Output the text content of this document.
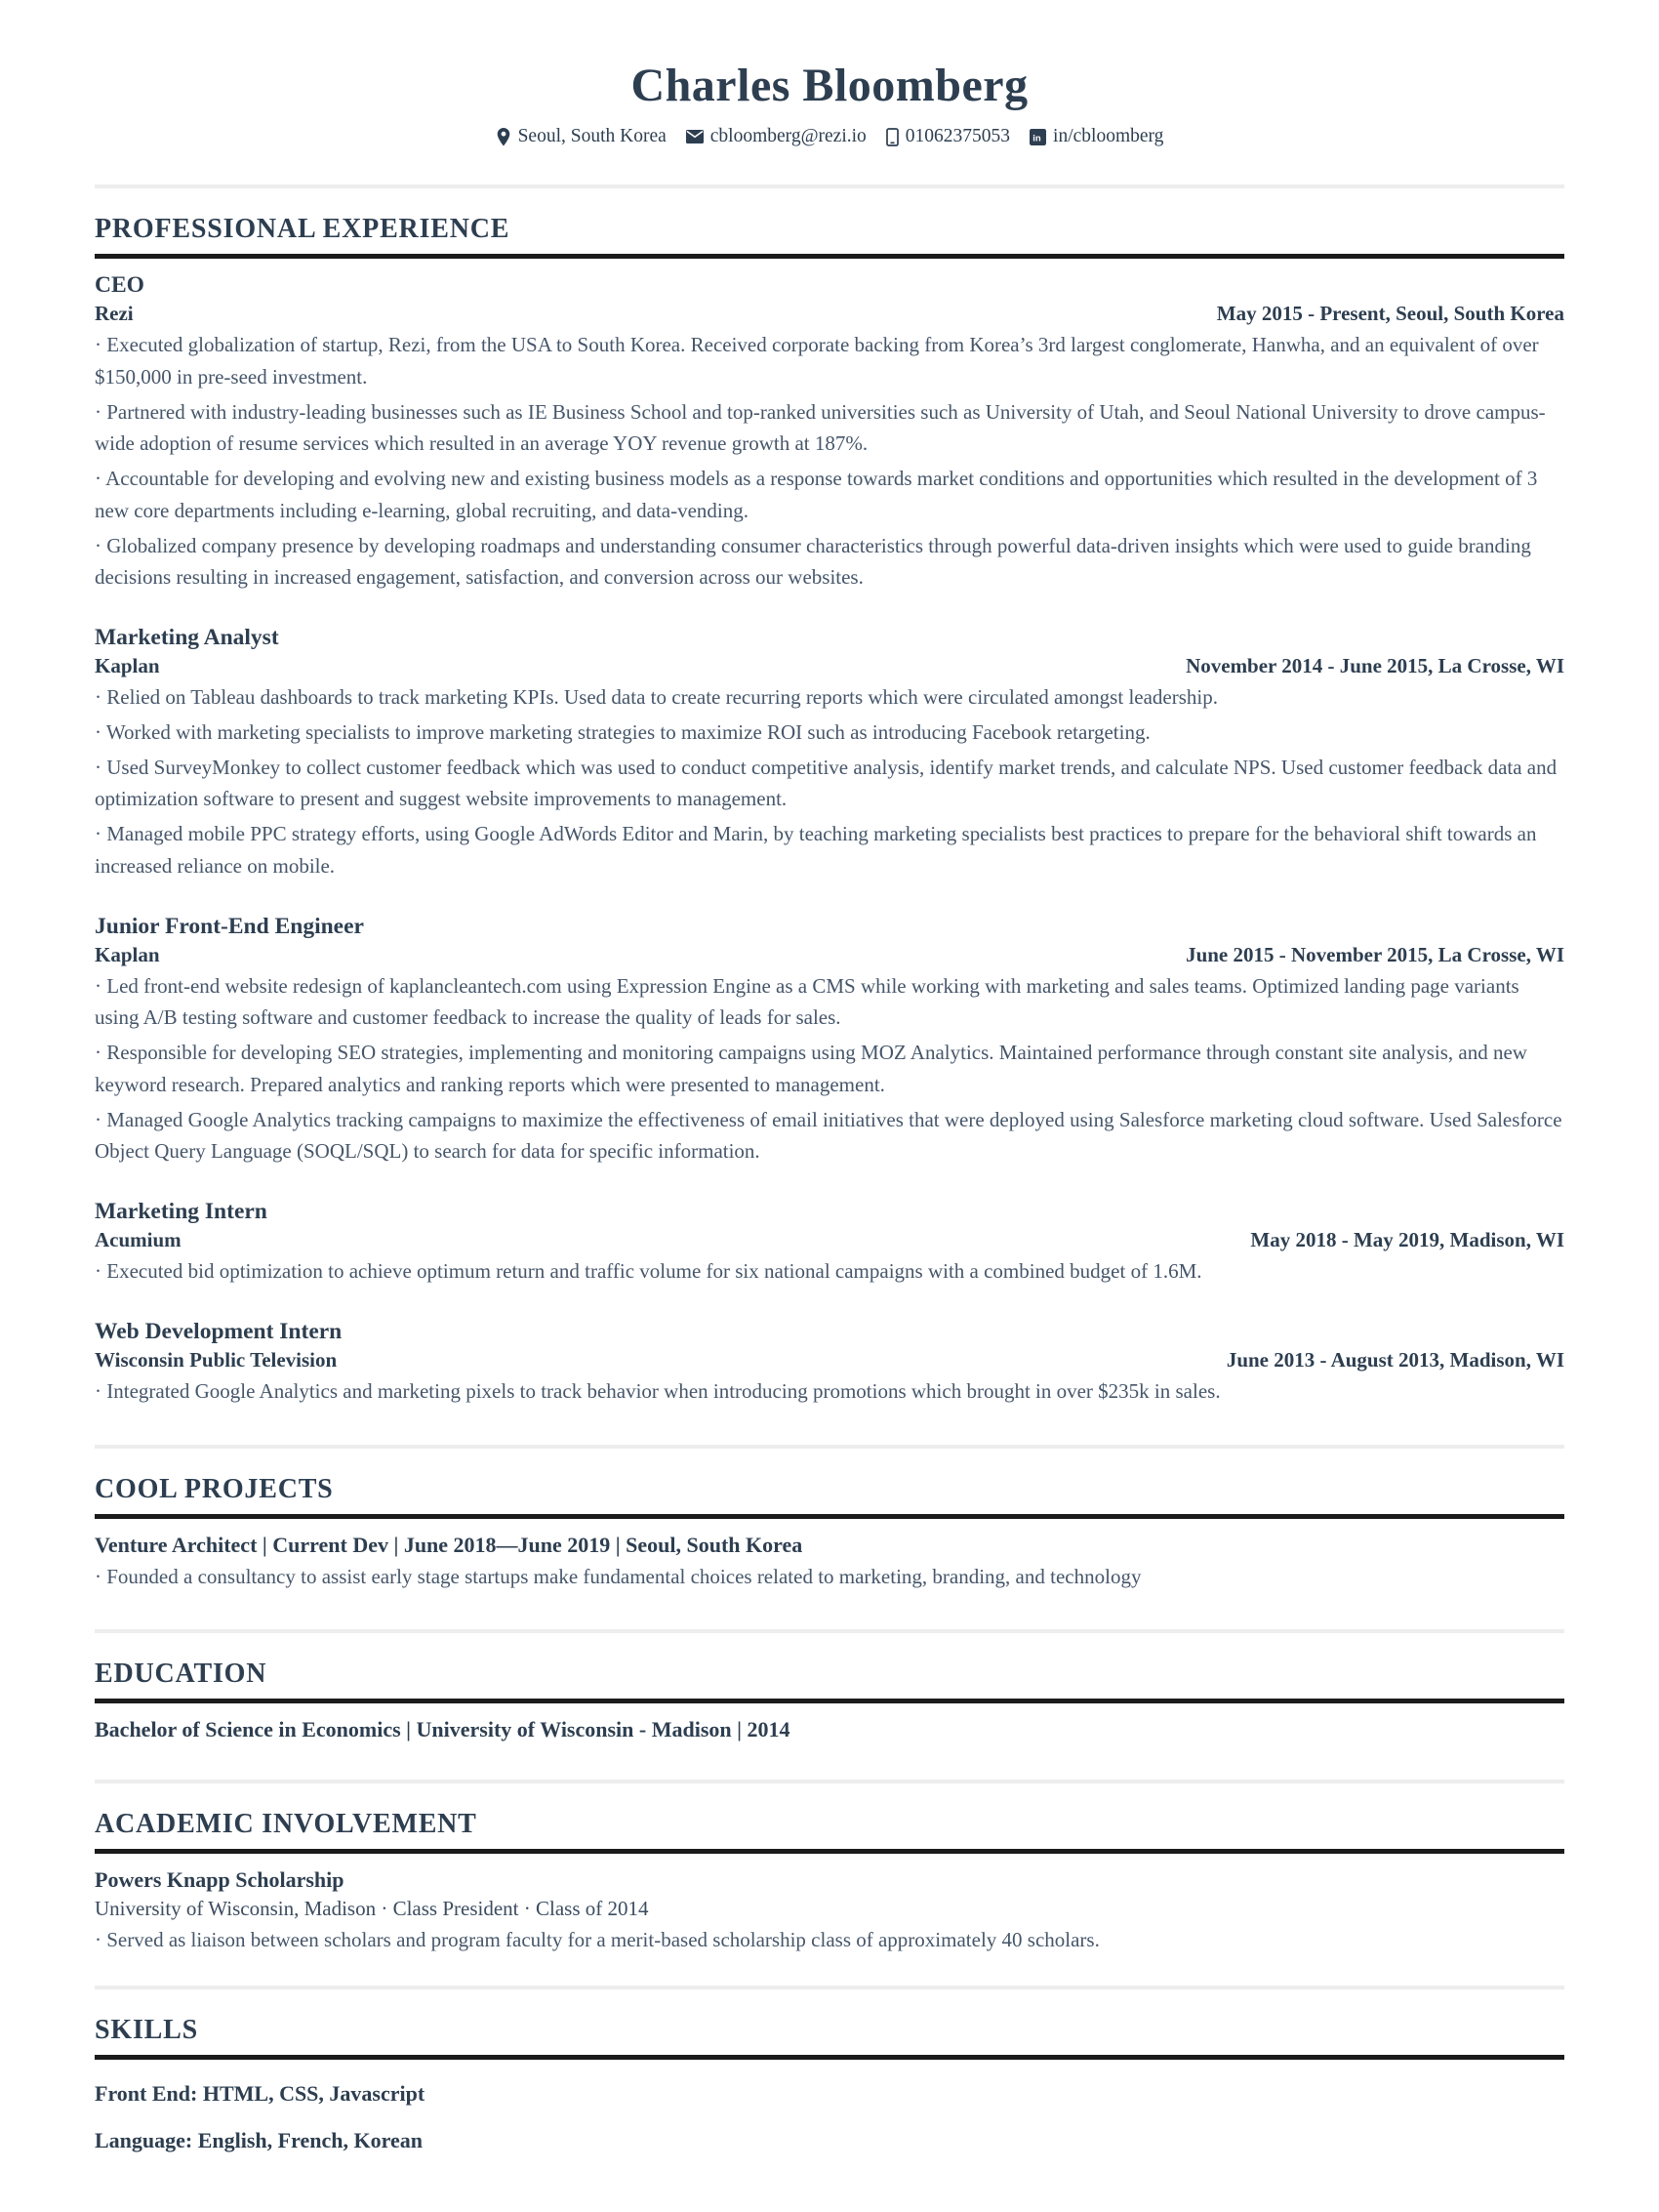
Charles Bloomberg
Seoul, South Korea cbloomberg@rezi.io 01062375053 in in/cbloomberg
PROFESSIONAL EXPERIENCE
CEO
Rezi	May 2015 - Present, Seoul, South Korea

· Executed globalization of startup, Rezi, from the USA to South Korea. Received corporate backing from Korea’s 3rd largest conglomerate, Hanwha, and an equivalent of over $150,000 in pre-seed investment.

· Partnered with industry-leading businesses such as IE Business School and top-ranked universities such as University of Utah, and Seoul National University to drove campus-wide adoption of resume services which resulted in an average YOY revenue growth at 187%.

· Accountable for developing and evolving new and existing business models as a response towards market conditions and opportunities which resulted in the development of 3 new core departments including e-learning, global recruiting, and data-vending.

· Globalized company presence by developing roadmaps and understanding consumer characteristics through powerful data-driven insights which were used to guide branding decisions resulting in increased engagement, satisfaction, and conversion across our websites.

Marketing Analyst
Kaplan	November 2014 - June 2015, La Crosse, WI

· Relied on Tableau dashboards to track marketing KPIs. Used data to create recurring reports which were circulated amongst leadership.

· Worked with marketing specialists to improve marketing strategies to maximize ROI such as introducing Facebook retargeting.

· Used SurveyMonkey to collect customer feedback which was used to conduct competitive analysis, identify market trends, and calculate NPS. Used customer feedback data and optimization software to present and suggest website improvements to management.

· Managed mobile PPC strategy efforts, using Google AdWords Editor and Marin, by teaching marketing specialists best practices to prepare for the behavioral shift towards an increased reliance on mobile.

Junior Front-End Engineer
Kaplan	June 2015 - November 2015, La Crosse, WI

· Led front-end website redesign of kaplancleantech.com using Expression Engine as a CMS while working with marketing and sales teams. Optimized landing page variants using A/B testing software and customer feedback to increase the quality of leads for sales.

· Responsible for developing SEO strategies, implementing and monitoring campaigns using MOZ Analytics. Maintained performance through constant site analysis, and new keyword research. Prepared analytics and ranking reports which were presented to management.

· Managed Google Analytics tracking campaigns to maximize the effectiveness of email initiatives that were deployed using Salesforce marketing cloud software. Used Salesforce Object Query Language (SOQL/SQL) to search for data for specific information.

Marketing Intern
Acumium	May 2018 - May 2019, Madison, WI

· Executed bid optimization to achieve optimum return and traffic volume for six national campaigns with a combined budget of 1.6M.

Web Development Intern
Wisconsin Public Television	June 2013 - August 2013, Madison, WI

· Integrated Google Analytics and marketing pixels to track behavior when introducing promotions which brought in over $235k in sales.

COOL PROJECTS

Venture Architect | Current Dev | June 2018—June 2019 | Seoul, South Korea

· Founded a consultancy to assist early stage startups make fundamental choices related to marketing, branding, and technology

EDUCATION

Bachelor of Science in Economics | University of Wisconsin - Madison | 2014

ACADEMIC INVOLVEMENT

Powers Knapp Scholarship

University of Wisconsin, Madison · Class President · Class of 2014

· Served as liaison between scholars and program faculty for a merit-based scholarship class of approximately 40 scholars.

SKILLS

Front End: HTML, CSS, Javascript

Language: English, French, Korean
